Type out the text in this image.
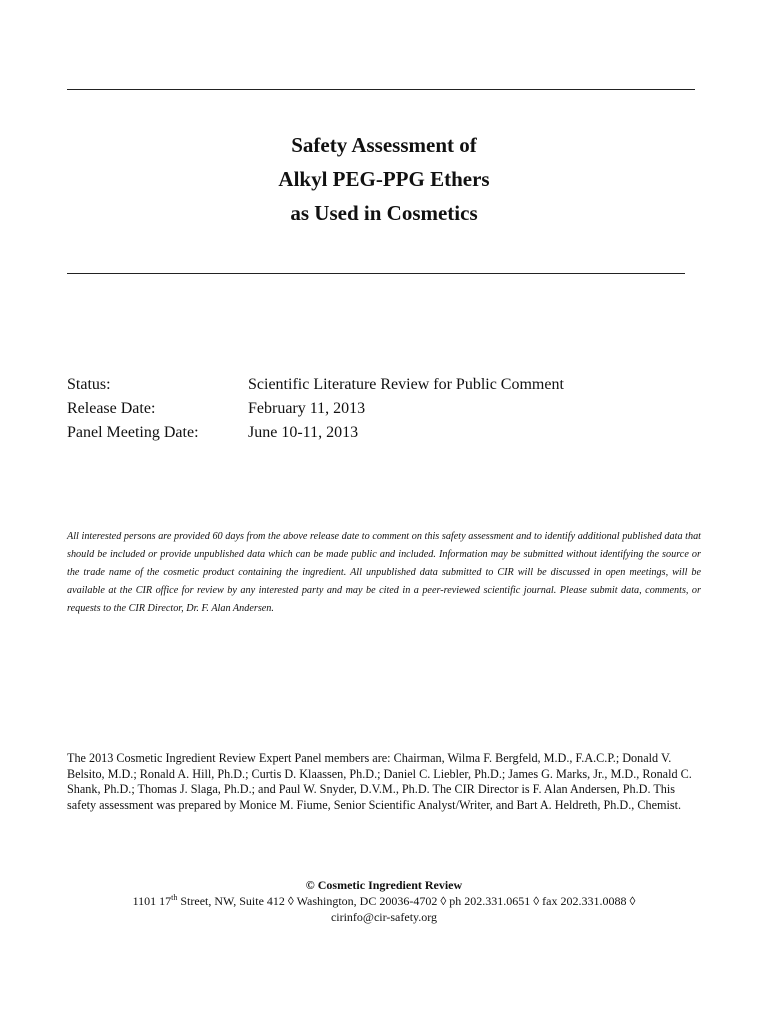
Safety Assessment of
Alkyl PEG-PPG Ethers
as Used in Cosmetics
Status:	Scientific Literature Review for Public Comment
Release Date:	February 11, 2013
Panel Meeting Date:	June 10-11, 2013
All interested persons are provided 60 days from the above release date to comment on this safety assessment and to identify additional published data that should be included or provide unpublished data which can be made public and included. Information may be submitted without identifying the source or the trade name of the cosmetic product containing the ingredient. All unpublished data submitted to CIR will be discussed in open meetings, will be available at the CIR office for review by any interested party and may be cited in a peer-reviewed scientific journal. Please submit data, comments, or requests to the CIR Director, Dr. F. Alan Andersen.
The 2013 Cosmetic Ingredient Review Expert Panel members are: Chairman, Wilma F. Bergfeld, M.D., F.A.C.P.; Donald V. Belsito, M.D.; Ronald A. Hill, Ph.D.; Curtis D. Klaassen, Ph.D.; Daniel C. Liebler, Ph.D.; James G. Marks, Jr., M.D., Ronald C. Shank, Ph.D.; Thomas J. Slaga, Ph.D.; and Paul W. Snyder, D.V.M., Ph.D. The CIR Director is F. Alan Andersen, Ph.D. This safety assessment was prepared by Monice M. Fiume, Senior Scientific Analyst/Writer, and Bart A. Heldreth, Ph.D., Chemist.
© Cosmetic Ingredient Review
1101 17th Street, NW, Suite 412 ◊ Washington, DC 20036-4702 ◊ ph 202.331.0651 ◊ fax 202.331.0088 ◊
cirinfo@cir-safety.org
